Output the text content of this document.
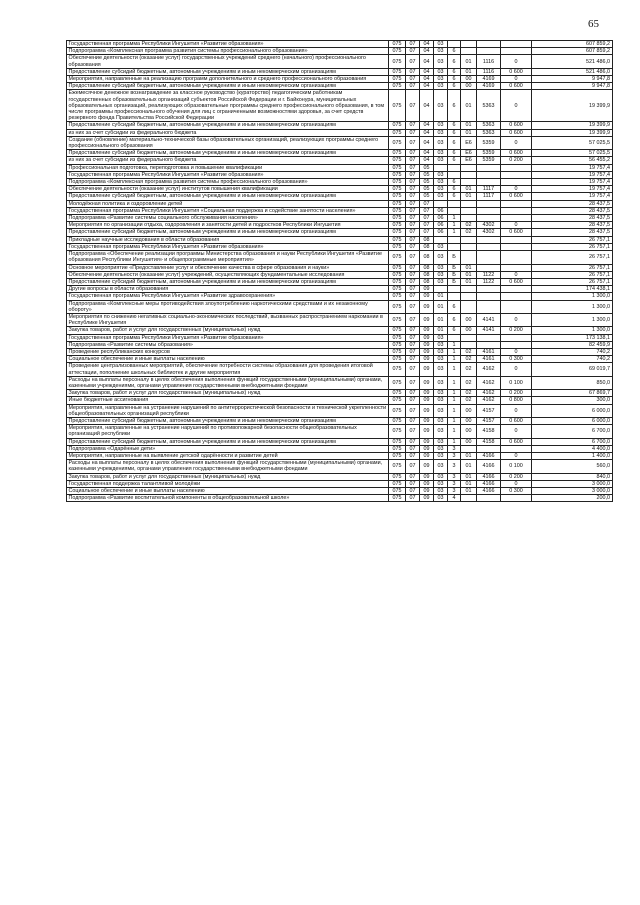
65
Государственная программа Республики Ингушетия «Развитие образования»	075	07	04	03					607 859,2
Подпрограмма «Комплексная программа развития системы профессионального образования»	075	07	04	03	6				607 859,2
Обеспечение деятельности (оказание услуг) государственных учреждений среднего (начального) профессионального образования	075	07	04	03	6	01	1116	0	521 486,0
Предоставление субсидий бюджетным, автономным учреждениям и иным некоммерческим организациям	075	07	04	03	6	01	1116	0 600	521 486,0
Мероприятия, направленные на реализацию программ дополнительного и среднего профессионального образования	075	07	04	03	6	00	4169	0	9 947,8
Предоставление субсидий бюджетным, автономным учреждениям и иным некоммерческим организациям	075	07	04	03	6	00	4169	0 600	9 947,8
Ежемесячное денежное вознаграждение за классное руководство (кураторство) педагогическим работникам государственных образовательных организаций субъектов Российской Федерации и г. Байконура, муниципальных образовательных организаций, реализующих образовательные программы среднего профессионального образования, в том числе программы профессионального обучения для лиц с ограниченными возможностями здоровья, за счет средств резервного фонда Правительства Российской Федерации	075	07	04	03	6	01	5363	0	19 399,9
Предоставление субсидий бюджетным, автономным учреждениям и иным некоммерческим организациям	075	07	04	03	6	01	5363	0 600	19 399,9
из них за счет субсидии из федерального бюджета	075	07	04	03	6	01	5363	0 600	19 399,9
Создание (обновление) материально-технической базы образовательных организаций, реализующих программы среднего профессионального образования	075	07	04	03	6	E6	5359	0	57 025,5
Предоставление субсидий бюджетным, автономным учреждениям и иным некоммерческим организациям	075	07	04	03	6	E6	5359	0 600	57 025,5
из них за счет субсидии из федерального бюджета	075	07	04	03	6	E6	5359	0 200	56 455,2
Профессиональная подготовка, переподготовка и повышение квалификации	075	07	05						19 757,4
Государственная программа Республики Ингушетия «Развитие образования»	075	07	05	03					19 757,4
Подпрограмма «Комплексная программа развития системы профессионального образования»	075	07	05	03	6				19 757,4
Обеспечение деятельности (оказание услуг) институтов повышения квалификации	075	07	05	03	6	01	1117	0	19 757,4
Предоставление субсидий бюджетным, автономным учреждениям и иным некоммерческим организациям	075	07	05	03	6	01	1117	0 600	19 757,4
Молодёжная политика и оздоровление детей	075	07	07						28 437,5
Государственная программа Республики Ингушетия «Социальная поддержка и содействие занятости населения»	075	07	07	06					28 437,5
Подпрограмма «Развитие системы социального обслуживания населения»	075	07	07	06	1				28 437,5
Мероприятия по организации отдыха, оздоровления и занятости детей и подростков Республики Ингушетия	075	07	07	06	1	02	4302	0	28 437,5
Предоставление субсидий бюджетным, автономным учреждениям и иным некоммерческим организациям	075	07	07	06	1	02	4302	0 600	28 437,5
Прикладные научные исследования в области образования	075	07	08						26 757,1
Государственная программа Республики Ингушетия «Развитие образования»	075	07	08	03					26 757,1
Подпрограмма «Обеспечение реализации программы Министерства образования и науки Республики Ингушетия «Развитие образования Республики Ингушетия» и общепрограммные мероприятия»	075	07	08	03	Б				26 757,1
Основное мероприятие «Предоставление услуг и обеспечение качества в сфере образования и науки»	075	07	08	03	Б	01			26 757,1
Обеспечение деятельности (оказание услуг) учреждений, осуществляющих фундаментальные исследования	075	07	08	03	Б	01	1122	0	26 757,1
Предоставление субсидий бюджетным, автономным учреждениям и иным некоммерческим организациям	075	07	08	03	Б	01	1122	0 600	26 757,1
Другие вопросы в области образования	075	07	09						174 438,1
Государственная программа Республики Ингушетия «Развитие здравоохранения»	075	07	09	01					1 300,0
Подпрограмма «Комплексные меры противодействия злоупотреблению наркотическими средствами и их незаконному обороту»	075	07	09	01	6				1 300,0
Мероприятия по снижению негативных социально-экономических последствий, вызванных распространением наркомании в Республике Ингушетия	075	07	09	01	6	00	4141	0	1 300,0
Закупка товаров, работ и услуг для государственных (муниципальных) нужд	075	07	09	01	6	00	4141	0 200	1 300,0
Государственная программа Республики Ингушетия «Развитие образования»	075	07	09	03					173 138,1
Подпрограмма «Развитие системы образования»	075	07	09	03	1				82 459,9
Проведение республиканских конкурсов	075	07	09	03	1	02	4161	0	740,2
Социальное обеспечение и иные выплаты населению	075	07	09	03	1	02	4161	0 300	740,2
Проведение централизованных мероприятий, обеспечение потребности системы образования для проведения итоговой аттестации, пополнение школьных библиотек и другие мероприятия	075	07	09	03	1	02	4162	0	69 019,7
Расходы на выплаты персоналу в целях обеспечения выполнения функций государственными (муниципальными) органами, казенными учреждениями, органами управления государственными внебюджетными фондами	075	07	09	03	1	02	4162	0 100	850,0
Закупка товаров, работ и услуг для государственных (муниципальных) нужд	075	07	09	03	1	02	4162	0 200	67 869,7
Иные бюджетные ассигнования	075	07	09	03	1	02	4162	0 800	300,0
Мероприятия, направленные на устранение нарушений по антитеррористической безопасности и технической укрепленности общеобразовательных организаций республики	075	07	09	03	1	00	4157	0	6 000,0
Предоставление субсидий бюджетным, автономным учреждениям и иным некоммерческим организациям	075	07	09	03	1	00	4157	0 600	6 000,0
Мероприятия, направленные на устранение нарушений по противопожарной безопасности общеобразовательных организаций республики	075	07	09	03	1	00	4158	0	6 700,0
Предоставление субсидий бюджетным, автономным учреждениям и иным некоммерческим организациям	075	07	09	03	1	00	4158	0 600	6 700,0
Подпрограмма «Одарённые дети»	075	07	09	03	3				4 400,0
Мероприятия, направленные на выявление детской одарённости и развитие детей	075	07	09	03	3	01	4166	0	1 400,0
Расходы на выплаты персоналу в целях обеспечения выполнения функций государственными (муниципальными) органами, казенными учреждениями, органами управления государственными внебюджетными фондами	075	07	09	03	3	01	4166	0 100	560,0
Закупка товаров, работ и услуг для государственных (муниципальных) нужд	075	07	09	03	3	01	4166	0 200	840,0
Государственная поддержка талантливой молодёжи	075	07	09	03	3	01	4166	0	3 000,0
Социальное обеспечение и иные выплаты населению	075	07	09	03	3	01	4166	0 300	3 000,0
Подпрограмма «Развитие воспитательной компоненты в общеобразовательной школе»	075	07	09	03	4				200,0
